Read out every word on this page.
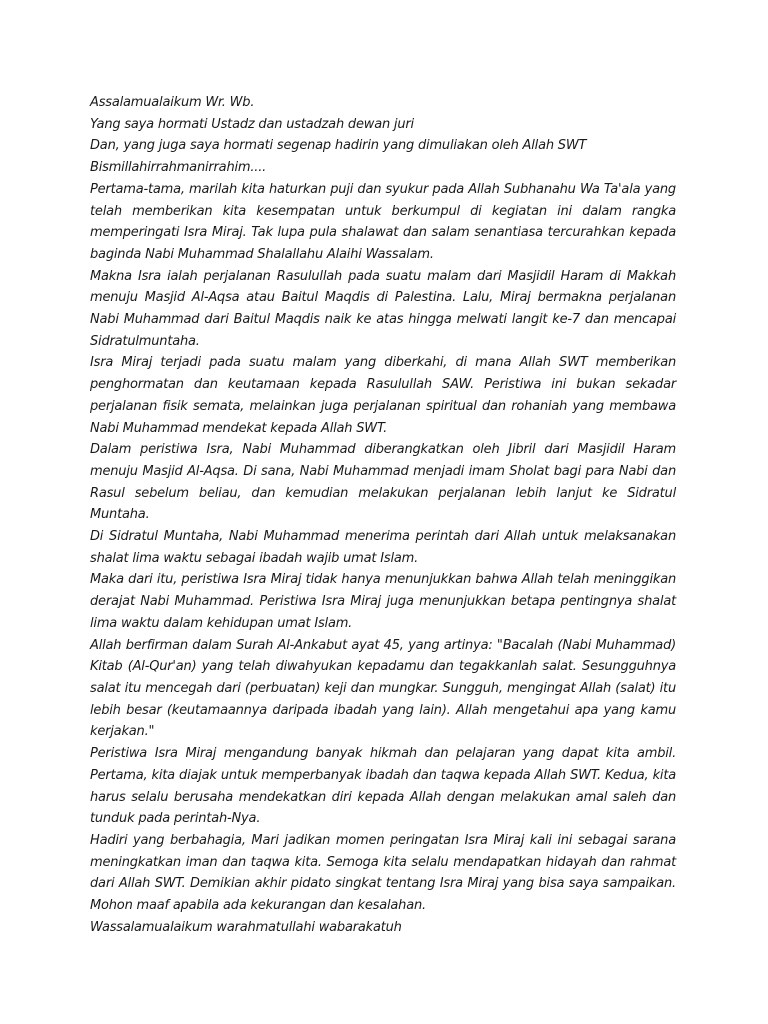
Assalamualaikum Wr. Wb.

Yang saya hormati Ustadz dan ustadzah dewan juri

Dan, yang juga saya hormati segenap hadirin yang dimuliakan oleh Allah SWT

Bismillahirrahmanirrahim....

Pertama-tama, marilah kita haturkan puji dan syukur pada Allah Subhanahu Wa Ta'ala yang telah memberikan kita kesempatan untuk berkumpul di kegiatan ini dalam rangka memperingati Isra Miraj. Tak lupa pula shalawat dan salam senantiasa tercurahkan kepada baginda Nabi Muhammad Shalallahu Alaihi Wassalam.

Makna Isra ialah perjalanan Rasulullah pada suatu malam dari Masjidil Haram di Makkah menuju Masjid Al-Aqsa atau Baitul Maqdis di Palestina. Lalu, Miraj bermakna perjalanan Nabi Muhammad dari Baitul Maqdis naik ke atas hingga melwati langit ke-7 dan mencapai Sidratulmuntaha.

Isra Miraj terjadi pada suatu malam yang diberkahi, di mana Allah SWT memberikan penghormatan dan keutamaan kepada Rasulullah SAW. Peristiwa ini bukan sekadar perjalanan fisik semata, melainkan juga perjalanan spiritual dan rohaniah yang membawa Nabi Muhammad mendekat kepada Allah SWT.

Dalam peristiwa Isra, Nabi Muhammad diberangkatkan oleh Jibril dari Masjidil Haram menuju Masjid Al-Aqsa. Di sana, Nabi Muhammad menjadi imam Sholat bagi para Nabi dan Rasul sebelum beliau, dan kemudian melakukan perjalanan lebih lanjut ke Sidratul Muntaha.

Di Sidratul Muntaha, Nabi Muhammad menerima perintah dari Allah untuk melaksanakan shalat lima waktu sebagai ibadah wajib umat Islam.

Maka dari itu, peristiwa Isra Miraj tidak hanya menunjukkan bahwa Allah telah meninggikan derajat Nabi Muhammad. Peristiwa Isra Miraj juga menunjukkan betapa pentingnya shalat lima waktu dalam kehidupan umat Islam.

Allah berfirman dalam Surah Al-Ankabut ayat 45, yang artinya: "Bacalah (Nabi Muhammad) Kitab (Al-Qur'an) yang telah diwahyukan kepadamu dan tegakkanlah salat. Sesungguhnya salat itu mencegah dari (perbuatan) keji dan mungkar. Sungguh, mengingat Allah (salat) itu lebih besar (keutamaannya daripada ibadah yang lain). Allah mengetahui apa yang kamu kerjakan."

Peristiwa Isra Miraj mengandung banyak hikmah dan pelajaran yang dapat kita ambil. Pertama, kita diajak untuk memperbanyak ibadah dan taqwa kepada Allah SWT. Kedua, kita harus selalu berusaha mendekatkan diri kepada Allah dengan melakukan amal saleh dan tunduk pada perintah-Nya.

Hadiri yang berbahagia, Mari jadikan momen peringatan Isra Miraj kali ini sebagai sarana meningkatkan iman dan taqwa kita. Semoga kita selalu mendapatkan hidayah dan rahmat dari Allah SWT. Demikian akhir pidato singkat tentang Isra Miraj yang bisa saya sampaikan. Mohon maaf apabila ada kekurangan dan kesalahan.

Wassalamualaikum warahmatullahi wabarakatuh
